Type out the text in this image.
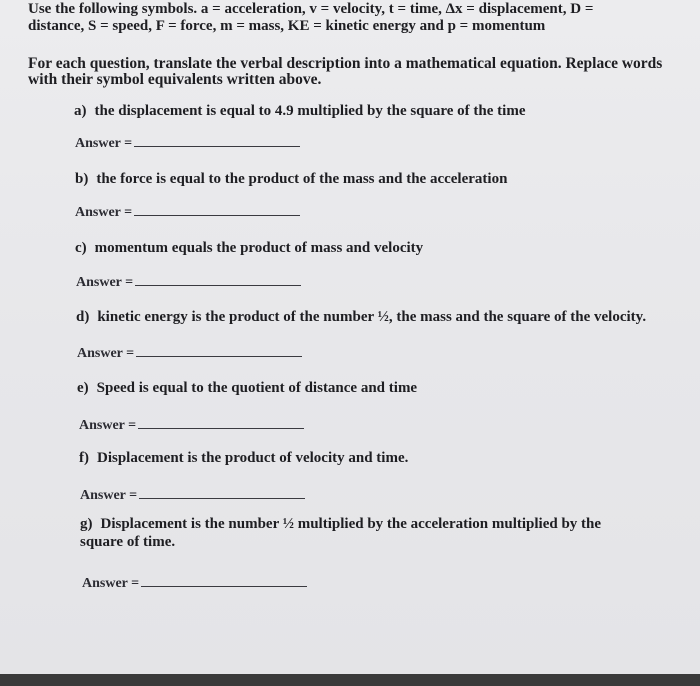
Use the following symbols. a = acceleration, v = velocity, t = time, Δx = displacement, D =
distance, S = speed, F = force, m = mass, KE = kinetic energy and p = momentum
For each question, translate the verbal description into a mathematical equation. Replace words
with their symbol equivalents written above.
a) the displacement is equal to 4.9 multiplied by the square of the time
Answer =
b) the force is equal to the product of the mass and the acceleration
Answer =
c) momentum equals the product of mass and velocity
Answer =
d) kinetic energy is the product of the number ½, the mass and the square of the velocity.
Answer =
e) Speed is equal to the quotient of distance and time
Answer =
f) Displacement is the product of velocity and time.
Answer =
g) Displacement is the number ½ multiplied by the acceleration multiplied by the square of time.
Answer =
